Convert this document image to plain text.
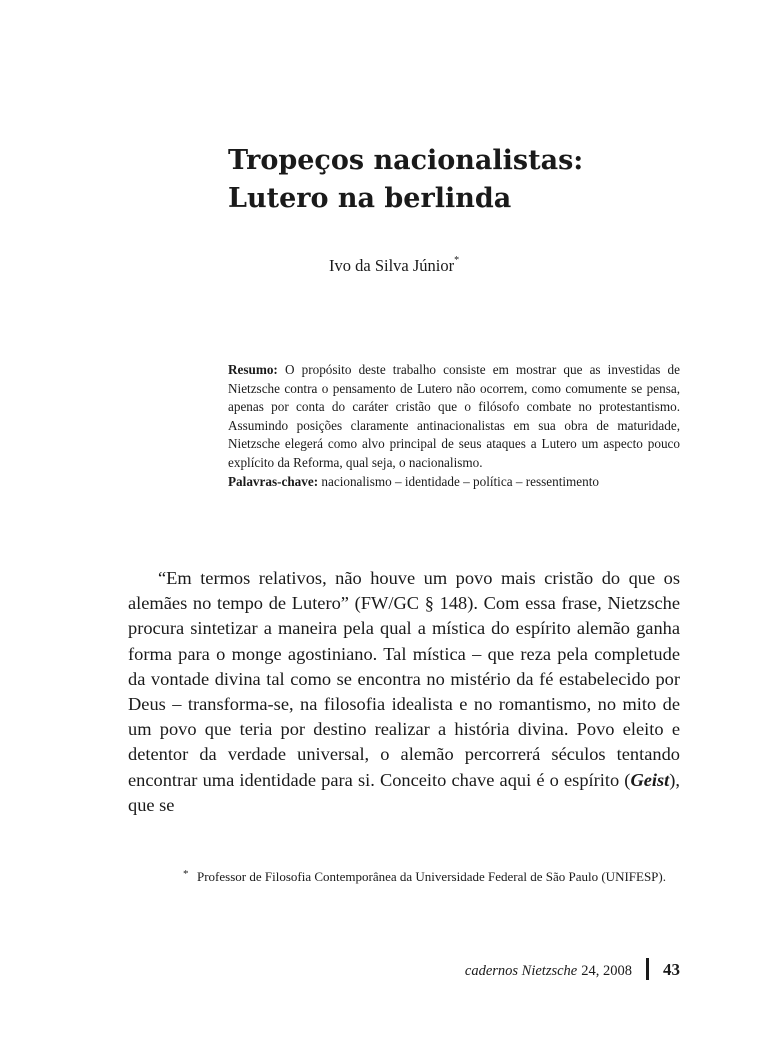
Tropeços nacionalistas:
Lutero na berlinda
Ivo da Silva Júnior*

Resumo: O propósito deste trabalho consiste em mostrar que as investidas de Nietzsche contra o pensamento de Lutero não ocorrem, como comumente se pensa, apenas por conta do caráter cristão que o filósofo combate no protestantismo. Assumindo posições claramente antinacionalistas em sua obra de maturidade, Nietzsche elegerá como alvo principal de seus ataques a Lutero um aspecto pouco explícito da Reforma, qual seja, o nacionalismo.

Palavras-chave: nacionalismo – identidade – política – ressentimento

“Em termos relativos, não houve um povo mais cristão do que os alemães no tempo de Lutero” (FW/GC § 148). Com essa frase, Nietzsche procura sintetizar a maneira pela qual a mística do espírito alemão ganha forma para o monge agostiniano. Tal mística – que reza pela completude da vontade divina tal como se encontra no mistério da fé estabelecido por Deus – transforma-se, na filosofia idealista e no romantismo, no mito de um povo que teria por destino realizar a história divina. Povo eleito e detentor da verdade universal, o alemão percorrerá séculos tentando encontrar uma identidade para si. Conceito chave aqui é o espírito (Geist), que se

* Professor de Filosofia Contemporânea da Universidade Federal de São Paulo (UNIFESP).
cadernos Nietzsche 24, 2008 43
